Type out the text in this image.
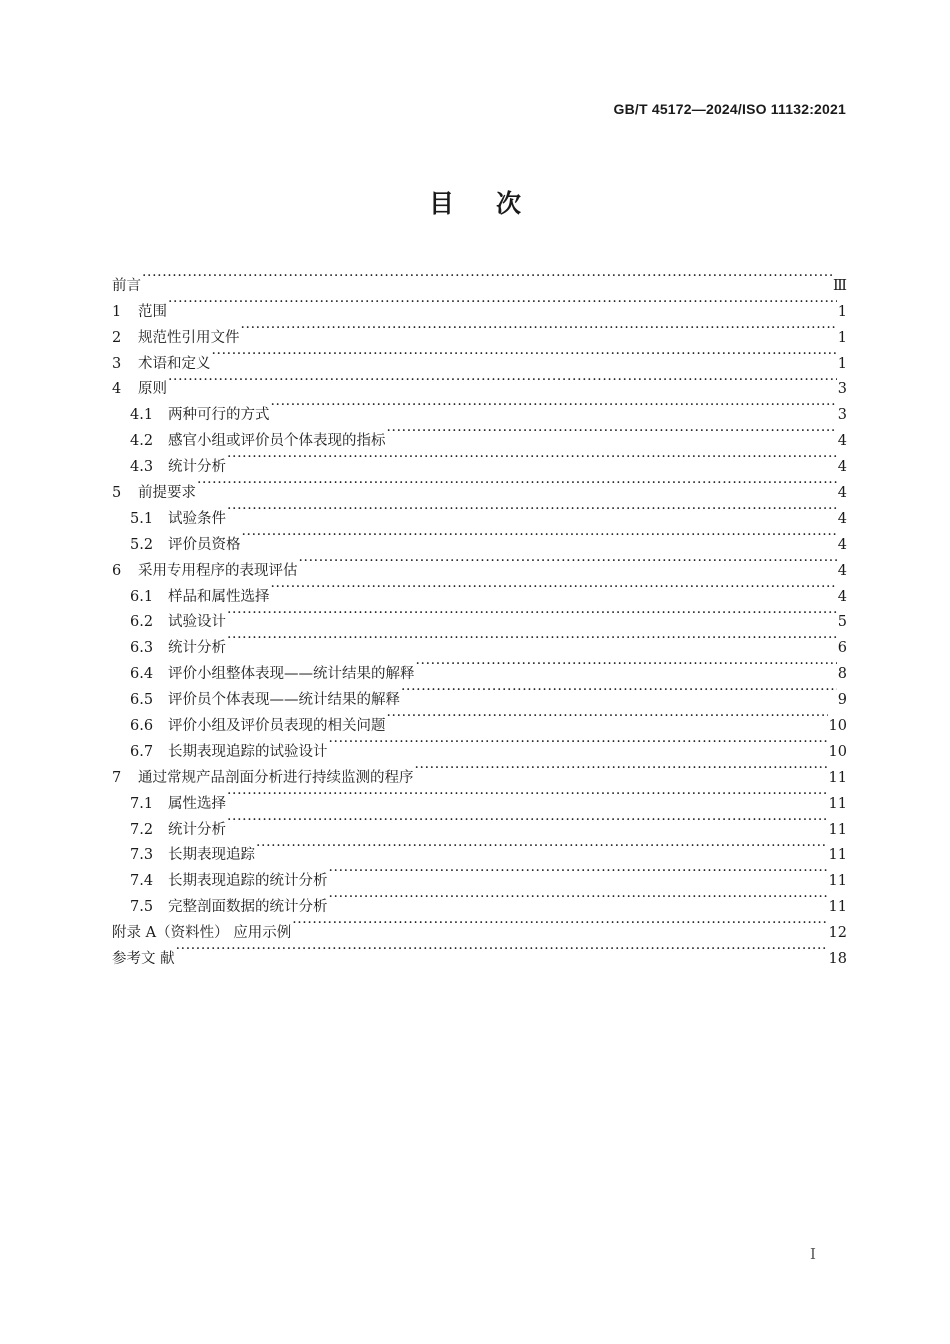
GB/T 45172—2024/ISO 11132:2021
目次
前言 ·····	Ⅲ
1	范围 ·····	1
2	规范性引用文件 ·····	1
3	术语和定义 ·····	1
4	原则 ·····	3
4.1	两种可行的方式 ·····	3
4.2	感官小组或评价员个体表现的指标 ·····	4
4.3	统计分析 ·····	4
5	前提要求 ·····	4
5.1	试验条件 ·····	4
5.2	评价员资格 ·····	4
6	采用专用程序的表现评估 ·····	4
6.1	样品和属性选择 ·····	4
6.2	试验设计 ·····	5
6.3	统计分析 ·····	6
6.4	评价小组整体表现——统计结果的解释 ·····	8
6.5	评价员个体表现——统计结果的解释 ·····	9
6.6	评价小组及评价员表现的相关问题 ·····	10
6.7	长期表现追踪的试验设计 ·····	10
7	通过常规产品剖面分析进行持续监测的程序 ·····	11
7.1	属性选择 ·····	11
7.2	统计分析 ·····	11
7.3	长期表现追踪 ·····	11
7.4	长期表现追踪的统计分析 ·····	11
7.5	完整剖面数据的统计分析 ·····	11
附录 A（资料性） 应用示例 ·····	12
参考文 献 ·····	18
I
